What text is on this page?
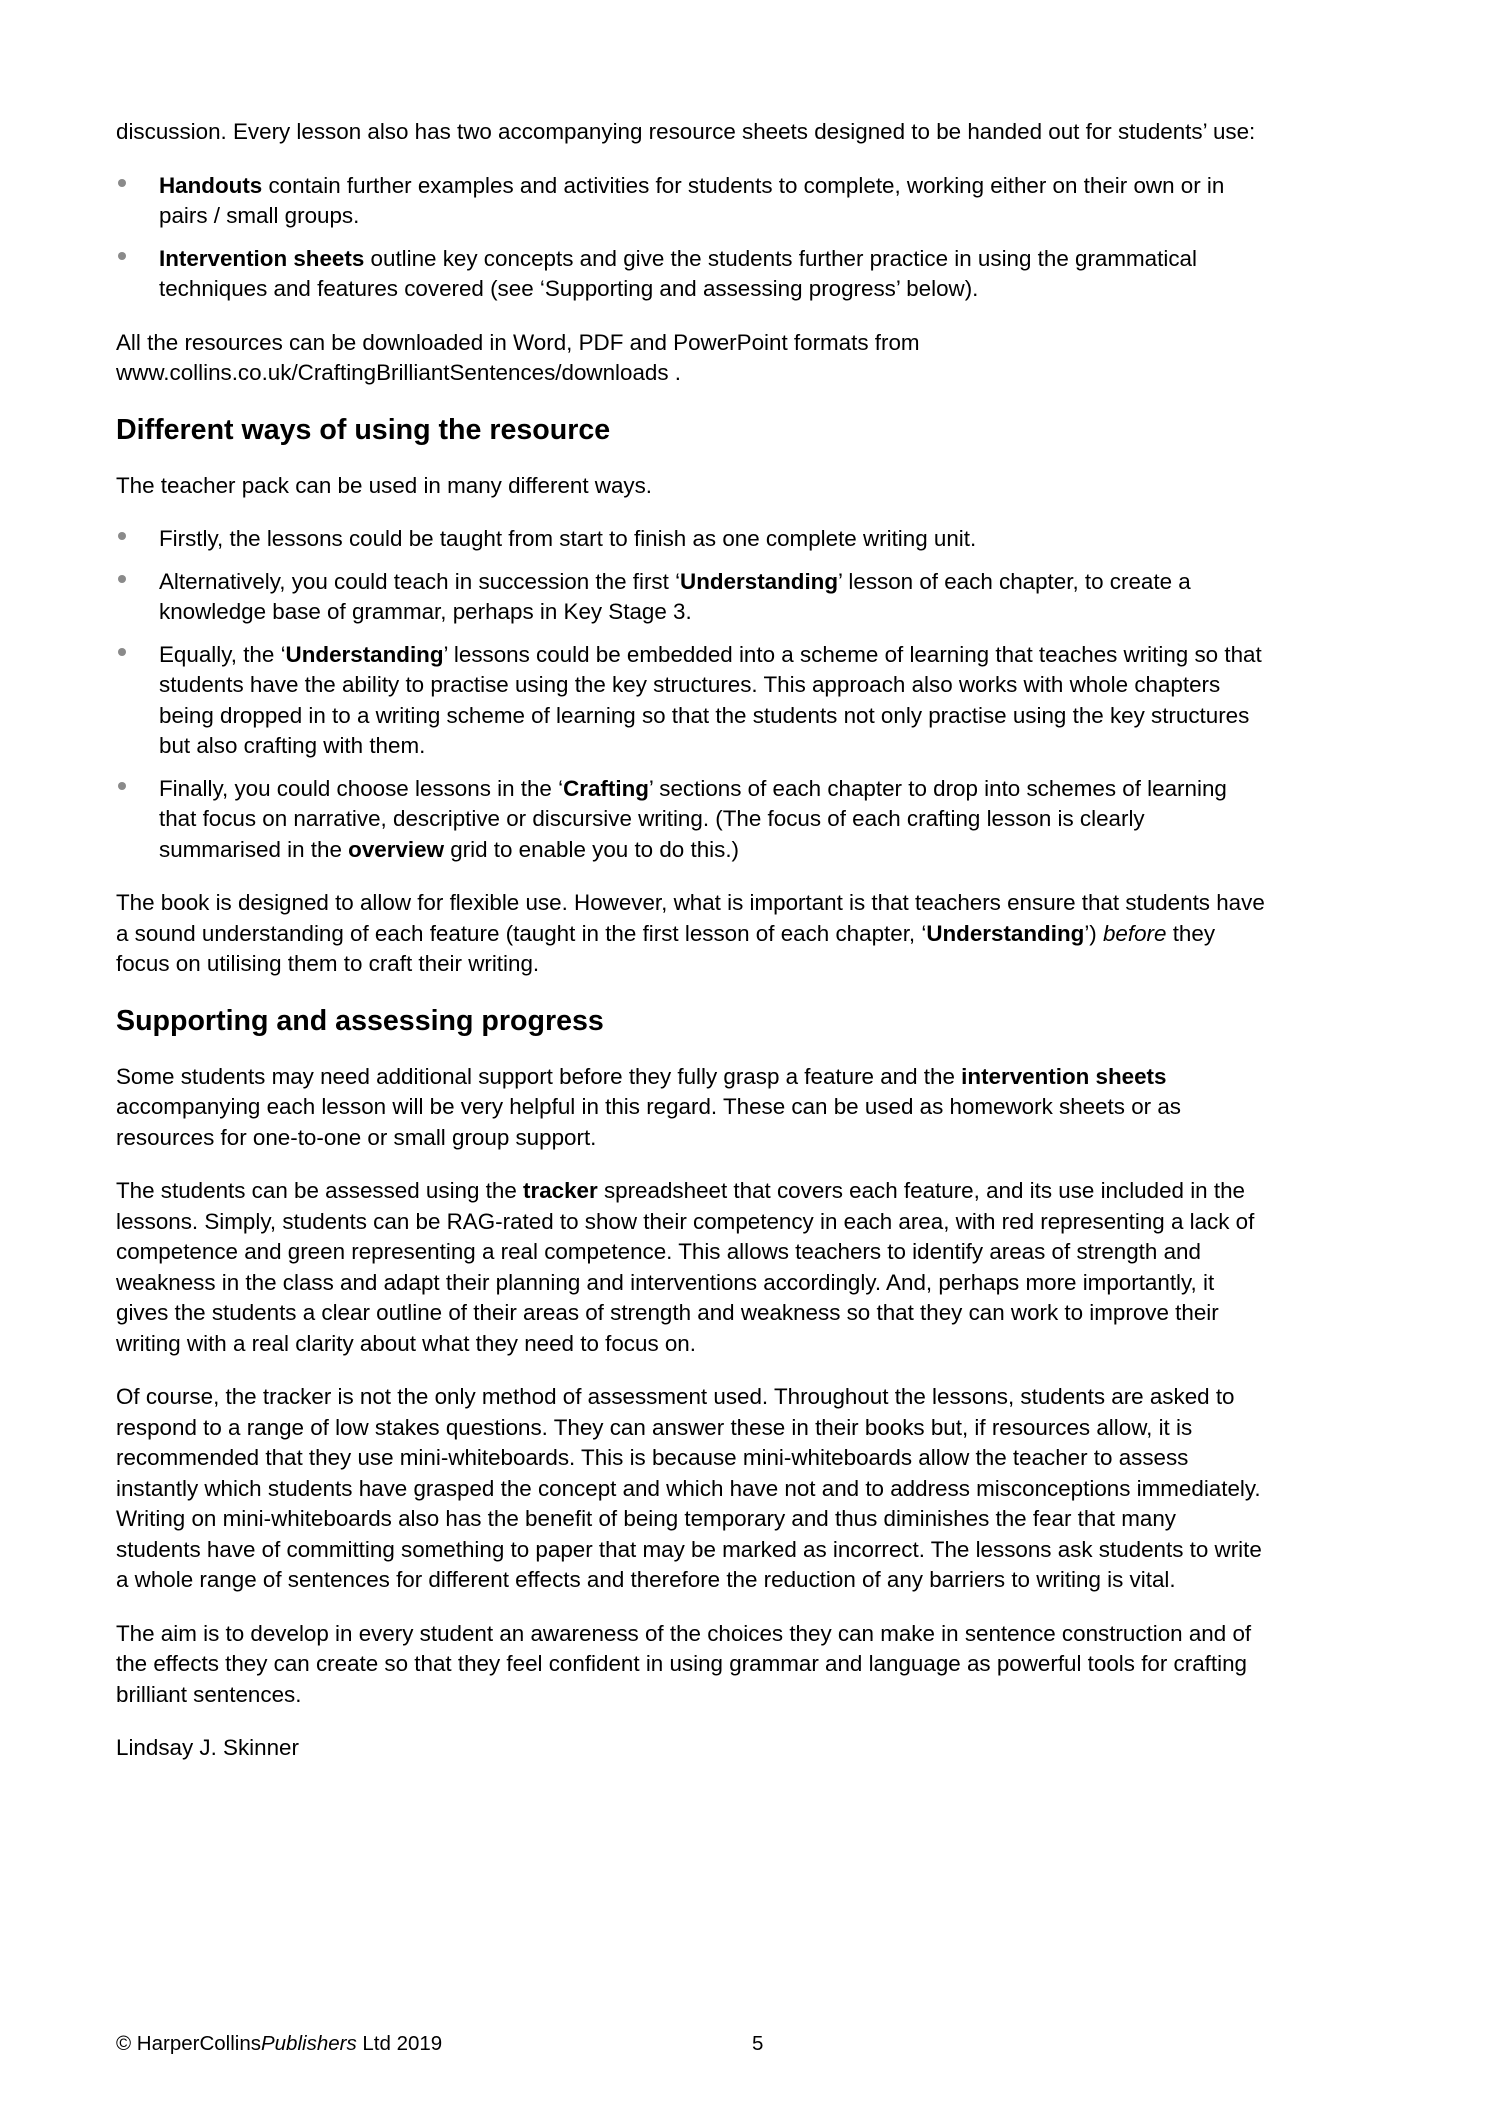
discussion. Every lesson also has two accompanying resource sheets designed to be handed out for students’ use:

Handouts contain further examples and activities for students to complete, working either on their own or in pairs / small groups.
Intervention sheets outline key concepts and give the students further practice in using the grammatical techniques and features covered (see ‘Supporting and assessing progress’ below).

All the resources can be downloaded in Word, PDF and PowerPoint formats from www.collins.co.uk/CraftingBrilliantSentences/downloads .

Different ways of using the resource

The teacher pack can be used in many different ways.

Firstly, the lessons could be taught from start to finish as one complete writing unit.
Alternatively, you could teach in succession the first ‘Understanding’ lesson of each chapter, to create a knowledge base of grammar, perhaps in Key Stage 3.
Equally, the ‘Understanding’ lessons could be embedded into a scheme of learning that teaches writing so that students have the ability to practise using the key structures. This approach also works with whole chapters being dropped in to a writing scheme of learning so that the students not only practise using the key structures but also crafting with them.
Finally, you could choose lessons in the ‘Crafting’ sections of each chapter to drop into schemes of learning that focus on narrative, descriptive or discursive writing. (The focus of each crafting lesson is clearly summarised in the overview grid to enable you to do this.)

The book is designed to allow for flexible use. However, what is important is that teachers ensure that students have a sound understanding of each feature (taught in the first lesson of each chapter, ‘Understanding’) before they focus on utilising them to craft their writing.

Supporting and assessing progress

Some students may need additional support before they fully grasp a feature and the intervention sheets accompanying each lesson will be very helpful in this regard. These can be used as homework sheets or as resources for one-to-one or small group support.

The students can be assessed using the tracker spreadsheet that covers each feature, and its use included in the lessons. Simply, students can be RAG-rated to show their competency in each area, with red representing a lack of competence and green representing a real competence. This allows teachers to identify areas of strength and weakness in the class and adapt their planning and interventions accordingly. And, perhaps more importantly, it gives the students a clear outline of their areas of strength and weakness so that they can work to improve their writing with a real clarity about what they need to focus on.

Of course, the tracker is not the only method of assessment used. Throughout the lessons, students are asked to respond to a range of low stakes questions. They can answer these in their books but, if resources allow, it is recommended that they use mini-whiteboards. This is because mini-whiteboards allow the teacher to assess instantly which students have grasped the concept and which have not and to address misconceptions immediately. Writing on mini-whiteboards also has the benefit of being temporary and thus diminishes the fear that many students have of committing something to paper that may be marked as incorrect. The lessons ask students to write a whole range of sentences for different effects and therefore the reduction of any barriers to writing is vital.

The aim is to develop in every student an awareness of the choices they can make in sentence construction and of the effects they can create so that they feel confident in using grammar and language as powerful tools for crafting brilliant sentences.

Lindsay J. Skinner

© HarperCollinsPublishers Ltd 2019	5
